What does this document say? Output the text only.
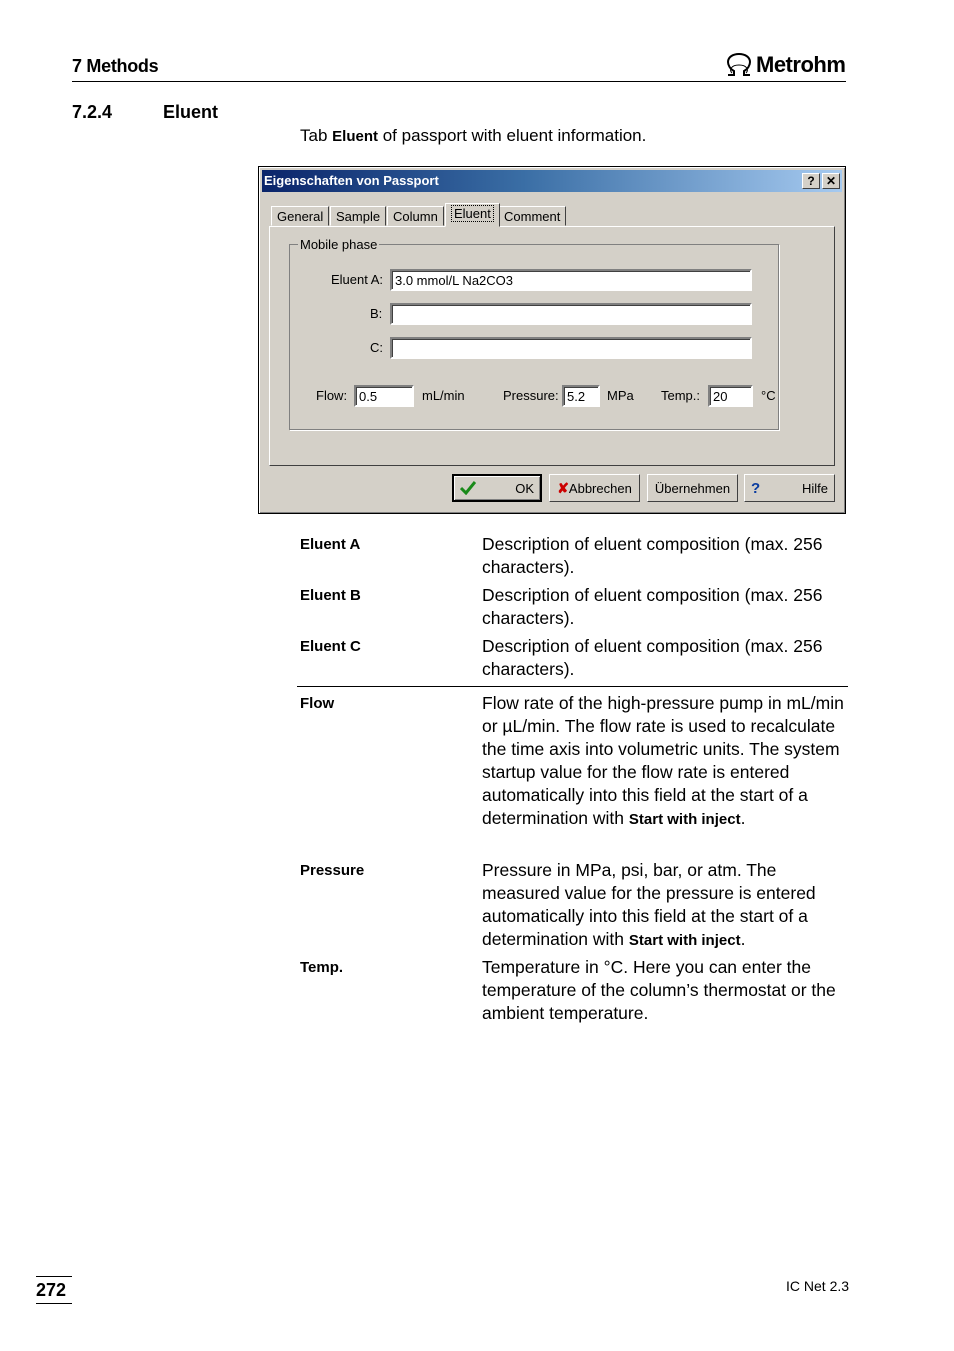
7 Methods	Metrohm
7.2.4	Eluent
Tab Eluent of passport with eluent information.
Eigenschaften von Passport	? ✕
General Sample Column	Eluent	Comment
Mobile phase
Eluent A:
3.0 mmol/L Na2CO3
B:
C:
Flow:
0.5	mL/min	Pressure:
5.2	MPa Temp.:
20	°C
OK ✘ Abbrechen Übernehmen ?	Hilfe
Eluent A	Description of eluent composition (max. 256 characters).
Eluent B	Description of eluent composition (max. 256 characters).
Eluent C	Description of eluent composition (max. 256 characters).
Flow	Flow rate of the high-pressure pump in mL/min or µL/min. The flow rate is used to recalculate the time axis into volumetric units. The system startup value for the flow rate is entered automatically into this field at the start of a determination with Start with inject.
Pressure	Pressure in MPa, psi, bar, or atm. The measured value for the pressure is entered automatically into this field at the start of a determination with Start with inject.
Temp.	Temperature in °C. Here you can enter the temperature of the column’s thermostat or the ambient temperature.
272	IC Net 2.3
